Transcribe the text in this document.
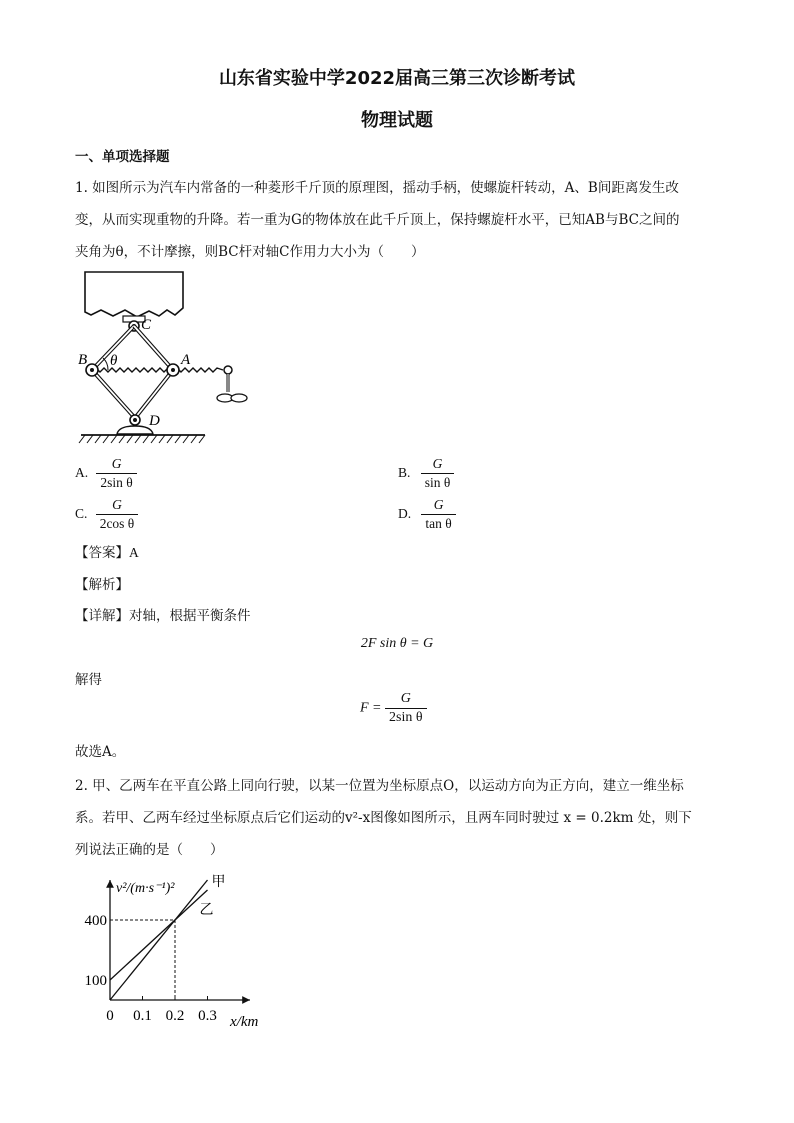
山东省实验中学2022届高三第三次诊断考试
物理试题
一、单项选择题
1. 如图所示为汽车内常备的一种菱形千斤顶的原理图，摇动手柄，使螺旋杆转动，A、B间距离发生改
变，从而实现重物的升降。若一重为G的物体放在此千斤顶上，保持螺旋杆水平，已知AB与BC之间的
夹角为θ，不计摩擦，则BC杆对轴C作用力大小为（　　）
C
B θ	A
D
A. $\frac{G}{\text{2sin θ}}$	B. $\frac{G}{\text{sin θ}}$
C. $\frac{G}{\text{2cos θ}}$	D. $\frac{G}{\text{tan θ}}$
【答案】A
【解析】
【详解】对轴，根据平衡条件
2F sin θ = G
解得
$F = \frac{G}{\text{2sin θ}}$
故选A。
2. 甲、乙两车在平直公路上同向行驶，以某一位置为坐标原点O，以运动方向为正方向，建立一维坐标
系。若甲、乙两车经过坐标原点后它们运动的v²-x图像如图所示，且两车同时驶过 x = 0.2km 处，则下
列说法正确的是（　　）
0 0.1 0.2 0.3
100
400
甲
乙
v²/(m·s⁻¹)²
x/km
